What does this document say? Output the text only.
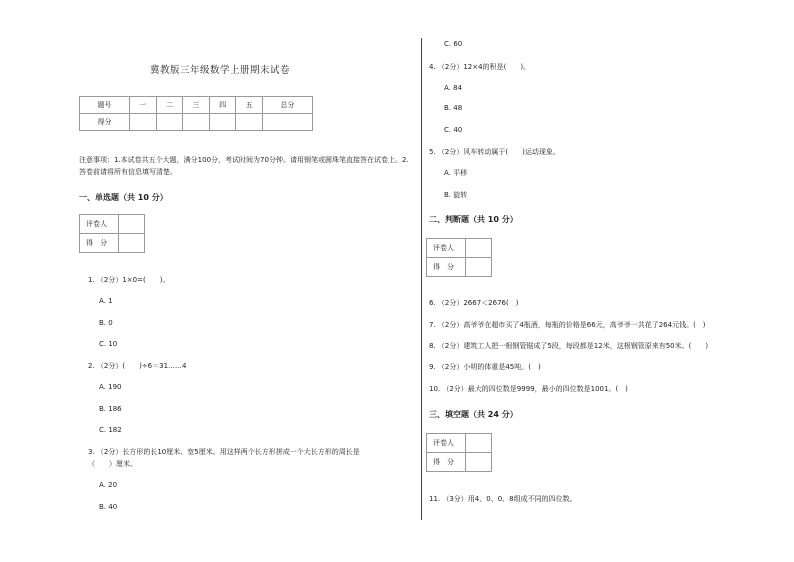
冀教版三年级数学上册期末试卷
题号	一	二	三	四	五	总分
得分						
注意事项：1.本试卷共五个大题，满分100分，考试时间为70分钟。请用钢笔或圆珠笔直接答在试卷上。2.
答卷前请将所有信息填写清楚。
一、单选题（共 10 分）
评卷人	
得　分	
1. （2分）1×0=(　　)。
A. 1
B. 0
C. 10
2. （2分）(　　)÷6＝31……4
A. 190
B. 186
C. 182
3. （2分）长方形的长10厘米、宽5厘米。用这样两个长方形拼成一个大长方形的周长是
（　　）厘米。
A. 20
B. 40
C. 60
4. （2分）12×4的积是(　　)。
A. 84
B. 48
C. 40
5. （2分）风车转动属于(　　)运动现象。
A. 平移
B. 旋转
二、判断题（共 10 分）
评卷人	
得　分	
6. （2分）2667＜2676(　)
7. （2分）高爷爷在超市买了4瓶酒，每瓶的价格是66元，高爷爷一共花了264元钱。(　)
8. （2分）建筑工人把一根钢管锯成了5段，每段都是12米，这根钢管原来有50米。(　　)
9. （2分）小明的体重是45吨。(　)
10. （2分）最大的四位数是9999，最小的四位数是1001。(　)
三、填空题（共 24 分）
评卷人	
得　分	
11. （3分）用4、0、0、8组成不同的四位数。
